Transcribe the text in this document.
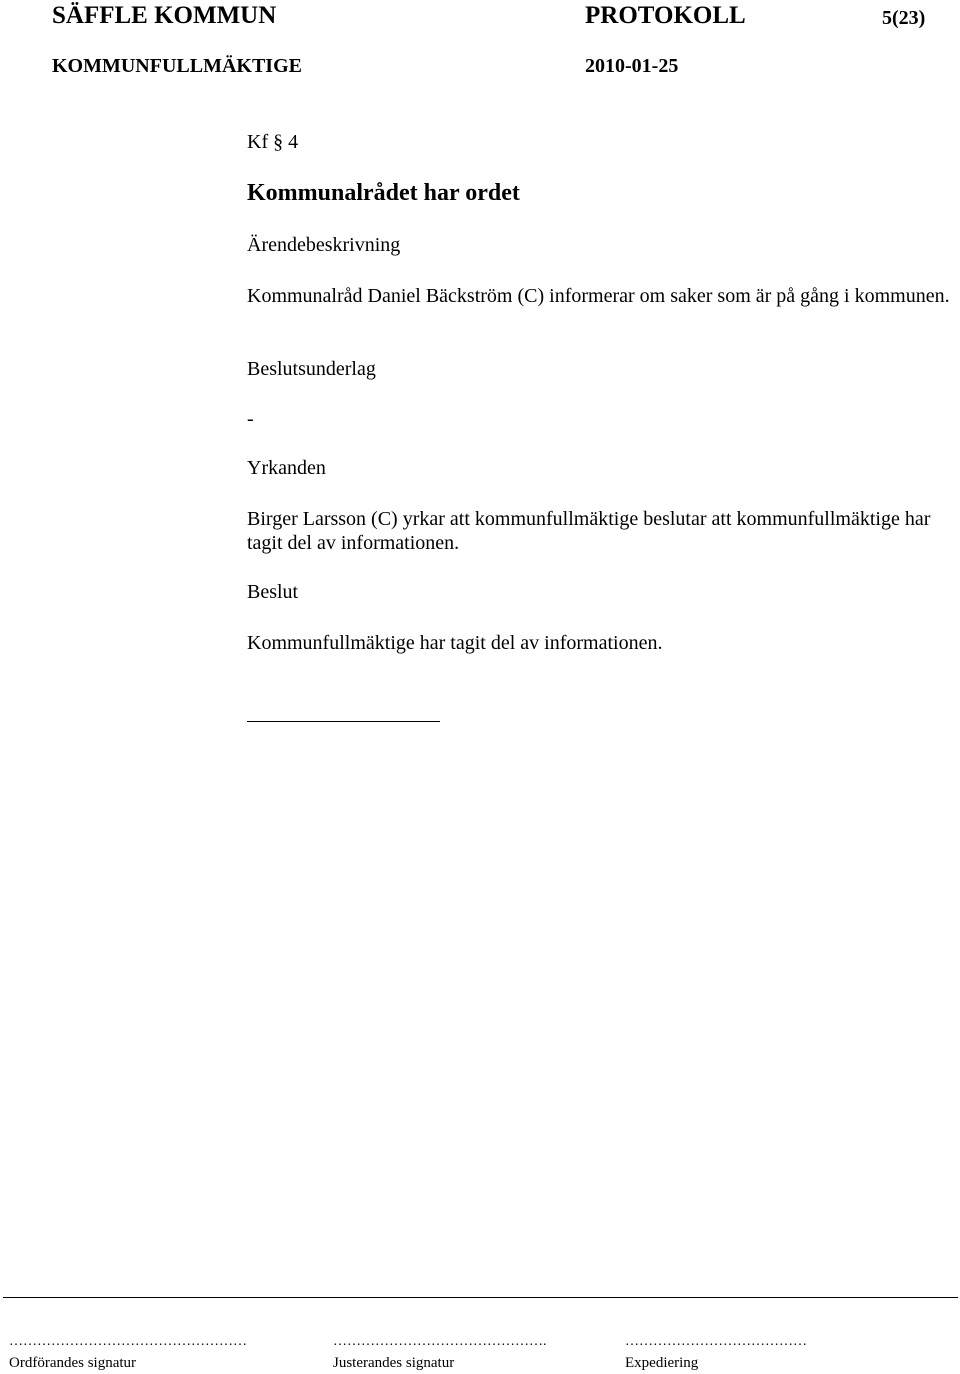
SÄFFLE KOMMUN	PROTOKOLL	5(23)
KOMMUNFULLMÄKTIGE	2010-01-25
Kf § 4
Kommunalrådet har ordet
Ärendebeskrivning
Kommunalråd Daniel Bäckström (C) informerar om saker som är på gång i kommunen.
Beslutsunderlag
-
Yrkanden
Birger Larsson (C) yrkar att kommunfullmäktige beslutar att kommunfullmäktige har tagit del av informationen.
Beslut
Kommunfullmäktige har tagit del av informationen.
……………………………………………
Ordförandes signatur
……………………………………….
Justerandes signatur
…………………………………
Expediering
